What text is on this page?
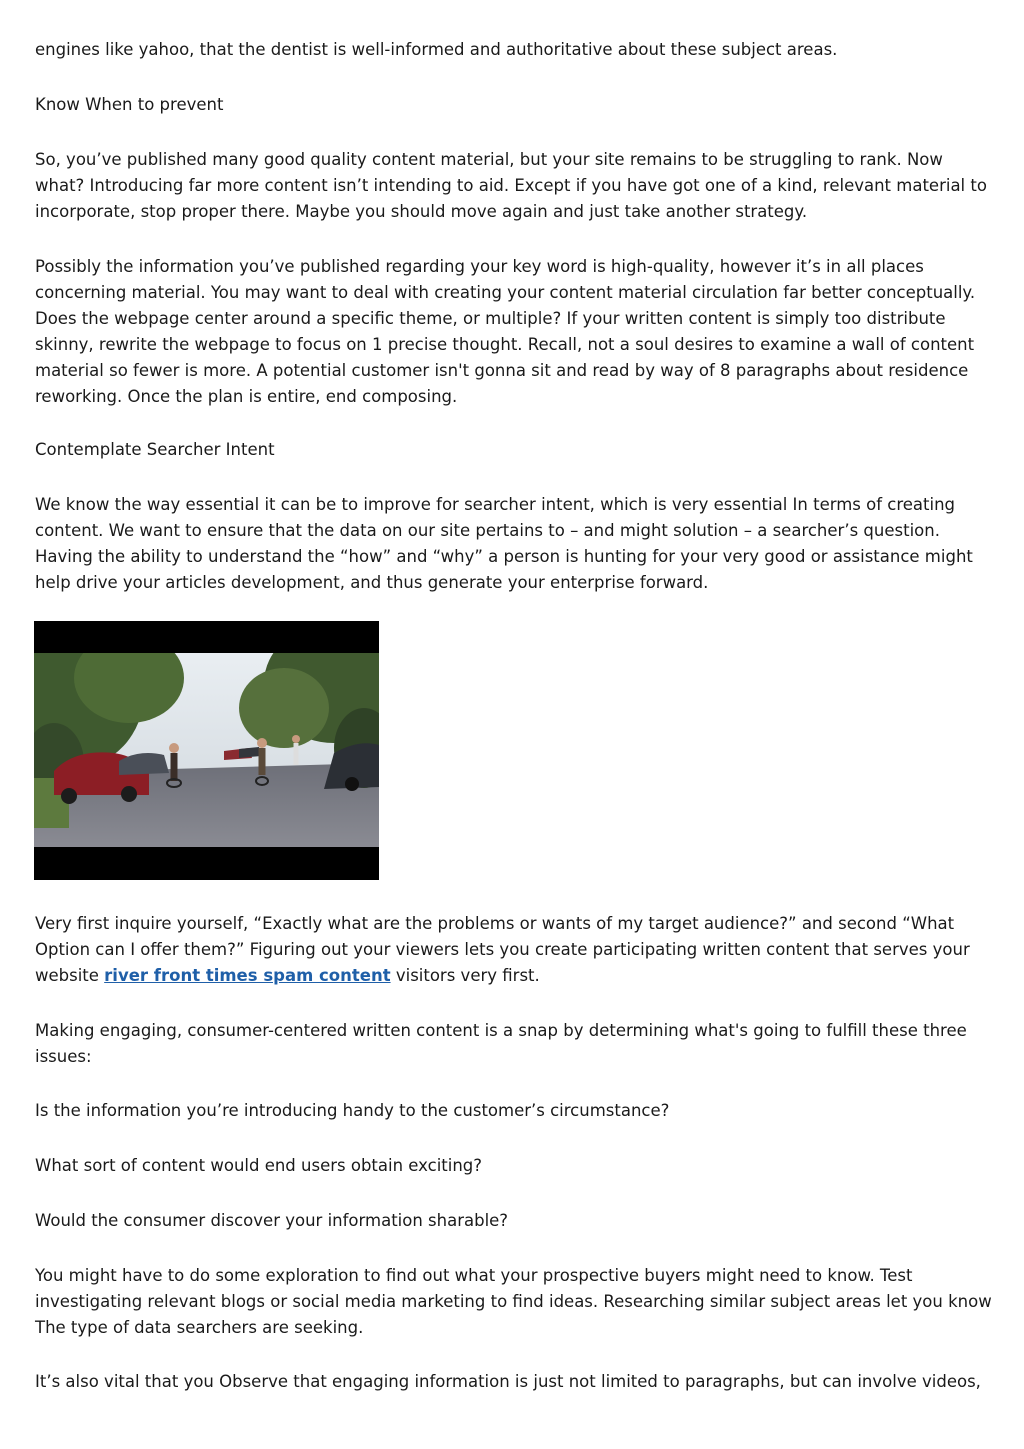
engines like yahoo, that the dentist is well-informed and authoritative about these subject areas.

Know When to prevent

So, you’ve published many good quality content material, but your site remains to be struggling to rank. Now what? Introducing far more content isn’t intending to aid. Except if you have got one of a kind, relevant material to incorporate, stop proper there. Maybe you should move again and just take another strategy.

Possibly the information you’ve published regarding your key word is high-quality, however it’s in all places concerning material. You may want to deal with creating your content material circulation far better conceptually. Does the webpage center around a specific theme, or multiple? If your written content is simply too distribute skinny, rewrite the webpage to focus on 1 precise thought. Recall, not a soul desires to examine a wall of content material so fewer is more. A potential customer isn't gonna sit and read by way of 8 paragraphs about residence reworking. Once the plan is entire, end composing.

Contemplate Searcher Intent

We know the way essential it can be to improve for searcher intent, which is very essential In terms of creating content. We want to ensure that the data on our site pertains to – and might solution – a searcher’s question. Having the ability to understand the “how” and “why” a person is hunting for your very good or assistance might help drive your articles development, and thus generate your enterprise forward.

Very first inquire yourself, “Exactly what are the problems or wants of my target audience?” and second “What Option can I offer them?” Figuring out your viewers lets you create participating written content that serves your website river front times spam content visitors very first.

Making engaging, consumer-centered written content is a snap by determining what's going to fulfill these three issues:

Is the information you’re introducing handy to the customer’s circumstance?

What sort of content would end users obtain exciting?

Would the consumer discover your information sharable?

You might have to do some exploration to find out what your prospective buyers might need to know. Test investigating relevant blogs or social media marketing to find ideas. Researching similar subject areas let you know The type of data searchers are seeking.

It’s also vital that you Observe that engaging information is just not limited to paragraphs, but can involve videos,
